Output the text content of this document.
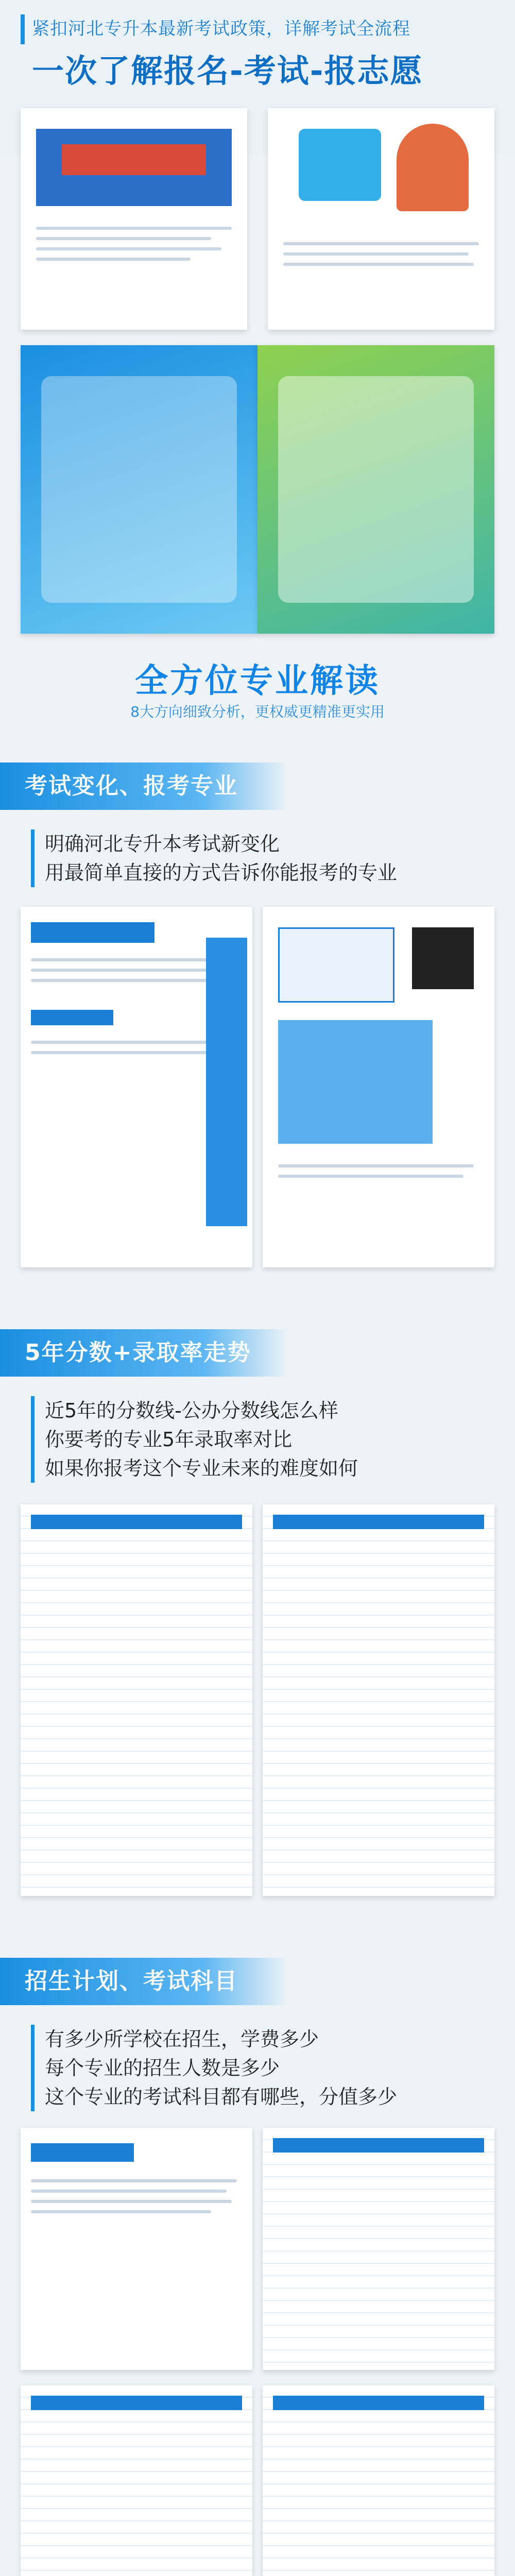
紧扣河北专升本最新考试政策，详解考试全流程
一次了解报名-考试-报志愿
全方位专业解读
8大方向细致分析，更权威更精准更实用
考试变化、报考专业
明确河北专升本考试新变化
用最简单直接的方式告诉你能报考的专业
5年分数+录取率走势
近5年的分数线-公办分数线怎么样
你要考的专业5年录取率对比
如果你报考这个专业未来的难度如何
招生计划、考试科目
有多少所学校在招生，学费多少
每个专业的招生人数是多少
这个专业的考试科目都有哪些，分值多少
